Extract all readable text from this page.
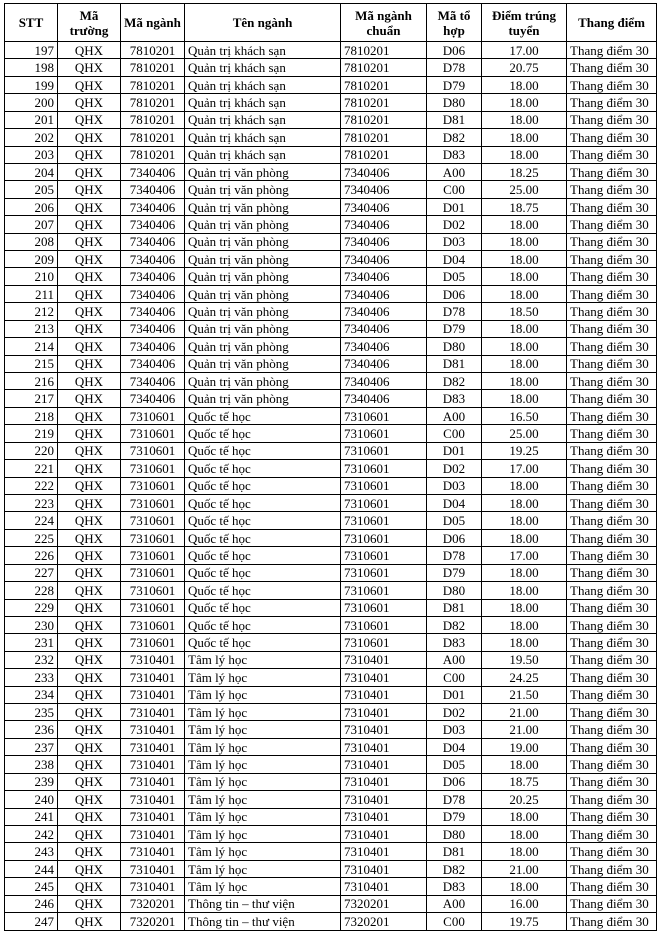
STT	Mã trường	Mã ngành	Tên ngành	Mã ngành chuẩn	Mã tổ hợp	Điểm trúng tuyển	Thang điểm
197	QHX	7810201	Quản trị khách sạn	7810201	D06	17.00	Thang điểm 30
198	QHX	7810201	Quản trị khách sạn	7810201	D78	20.75	Thang điểm 30
199	QHX	7810201	Quản trị khách sạn	7810201	D79	18.00	Thang điểm 30
200	QHX	7810201	Quản trị khách sạn	7810201	D80	18.00	Thang điểm 30
201	QHX	7810201	Quản trị khách sạn	7810201	D81	18.00	Thang điểm 30
202	QHX	7810201	Quản trị khách sạn	7810201	D82	18.00	Thang điểm 30
203	QHX	7810201	Quản trị khách sạn	7810201	D83	18.00	Thang điểm 30
204	QHX	7340406	Quản trị văn phòng	7340406	A00	18.25	Thang điểm 30
205	QHX	7340406	Quản trị văn phòng	7340406	C00	25.00	Thang điểm 30
206	QHX	7340406	Quản trị văn phòng	7340406	D01	18.75	Thang điểm 30
207	QHX	7340406	Quản trị văn phòng	7340406	D02	18.00	Thang điểm 30
208	QHX	7340406	Quản trị văn phòng	7340406	D03	18.00	Thang điểm 30
209	QHX	7340406	Quản trị văn phòng	7340406	D04	18.00	Thang điểm 30
210	QHX	7340406	Quản trị văn phòng	7340406	D05	18.00	Thang điểm 30
211	QHX	7340406	Quản trị văn phòng	7340406	D06	18.00	Thang điểm 30
212	QHX	7340406	Quản trị văn phòng	7340406	D78	18.50	Thang điểm 30
213	QHX	7340406	Quản trị văn phòng	7340406	D79	18.00	Thang điểm 30
214	QHX	7340406	Quản trị văn phòng	7340406	D80	18.00	Thang điểm 30
215	QHX	7340406	Quản trị văn phòng	7340406	D81	18.00	Thang điểm 30
216	QHX	7340406	Quản trị văn phòng	7340406	D82	18.00	Thang điểm 30
217	QHX	7340406	Quản trị văn phòng	7340406	D83	18.00	Thang điểm 30
218	QHX	7310601	Quốc tế học	7310601	A00	16.50	Thang điểm 30
219	QHX	7310601	Quốc tế học	7310601	C00	25.00	Thang điểm 30
220	QHX	7310601	Quốc tế học	7310601	D01	19.25	Thang điểm 30
221	QHX	7310601	Quốc tế học	7310601	D02	17.00	Thang điểm 30
222	QHX	7310601	Quốc tế học	7310601	D03	18.00	Thang điểm 30
223	QHX	7310601	Quốc tế học	7310601	D04	18.00	Thang điểm 30
224	QHX	7310601	Quốc tế học	7310601	D05	18.00	Thang điểm 30
225	QHX	7310601	Quốc tế học	7310601	D06	18.00	Thang điểm 30
226	QHX	7310601	Quốc tế học	7310601	D78	17.00	Thang điểm 30
227	QHX	7310601	Quốc tế học	7310601	D79	18.00	Thang điểm 30
228	QHX	7310601	Quốc tế học	7310601	D80	18.00	Thang điểm 30
229	QHX	7310601	Quốc tế học	7310601	D81	18.00	Thang điểm 30
230	QHX	7310601	Quốc tế học	7310601	D82	18.00	Thang điểm 30
231	QHX	7310601	Quốc tế học	7310601	D83	18.00	Thang điểm 30
232	QHX	7310401	Tâm lý học	7310401	A00	19.50	Thang điểm 30
233	QHX	7310401	Tâm lý học	7310401	C00	24.25	Thang điểm 30
234	QHX	7310401	Tâm lý học	7310401	D01	21.50	Thang điểm 30
235	QHX	7310401	Tâm lý học	7310401	D02	21.00	Thang điểm 30
236	QHX	7310401	Tâm lý học	7310401	D03	21.00	Thang điểm 30
237	QHX	7310401	Tâm lý học	7310401	D04	19.00	Thang điểm 30
238	QHX	7310401	Tâm lý học	7310401	D05	18.00	Thang điểm 30
239	QHX	7310401	Tâm lý học	7310401	D06	18.75	Thang điểm 30
240	QHX	7310401	Tâm lý học	7310401	D78	20.25	Thang điểm 30
241	QHX	7310401	Tâm lý học	7310401	D79	18.00	Thang điểm 30
242	QHX	7310401	Tâm lý học	7310401	D80	18.00	Thang điểm 30
243	QHX	7310401	Tâm lý học	7310401	D81	18.00	Thang điểm 30
244	QHX	7310401	Tâm lý học	7310401	D82	21.00	Thang điểm 30
245	QHX	7310401	Tâm lý học	7310401	D83	18.00	Thang điểm 30
246	QHX	7320201	Thông tin – thư viện	7320201	A00	16.00	Thang điểm 30
247	QHX	7320201	Thông tin – thư viện	7320201	C00	19.75	Thang điểm 30
